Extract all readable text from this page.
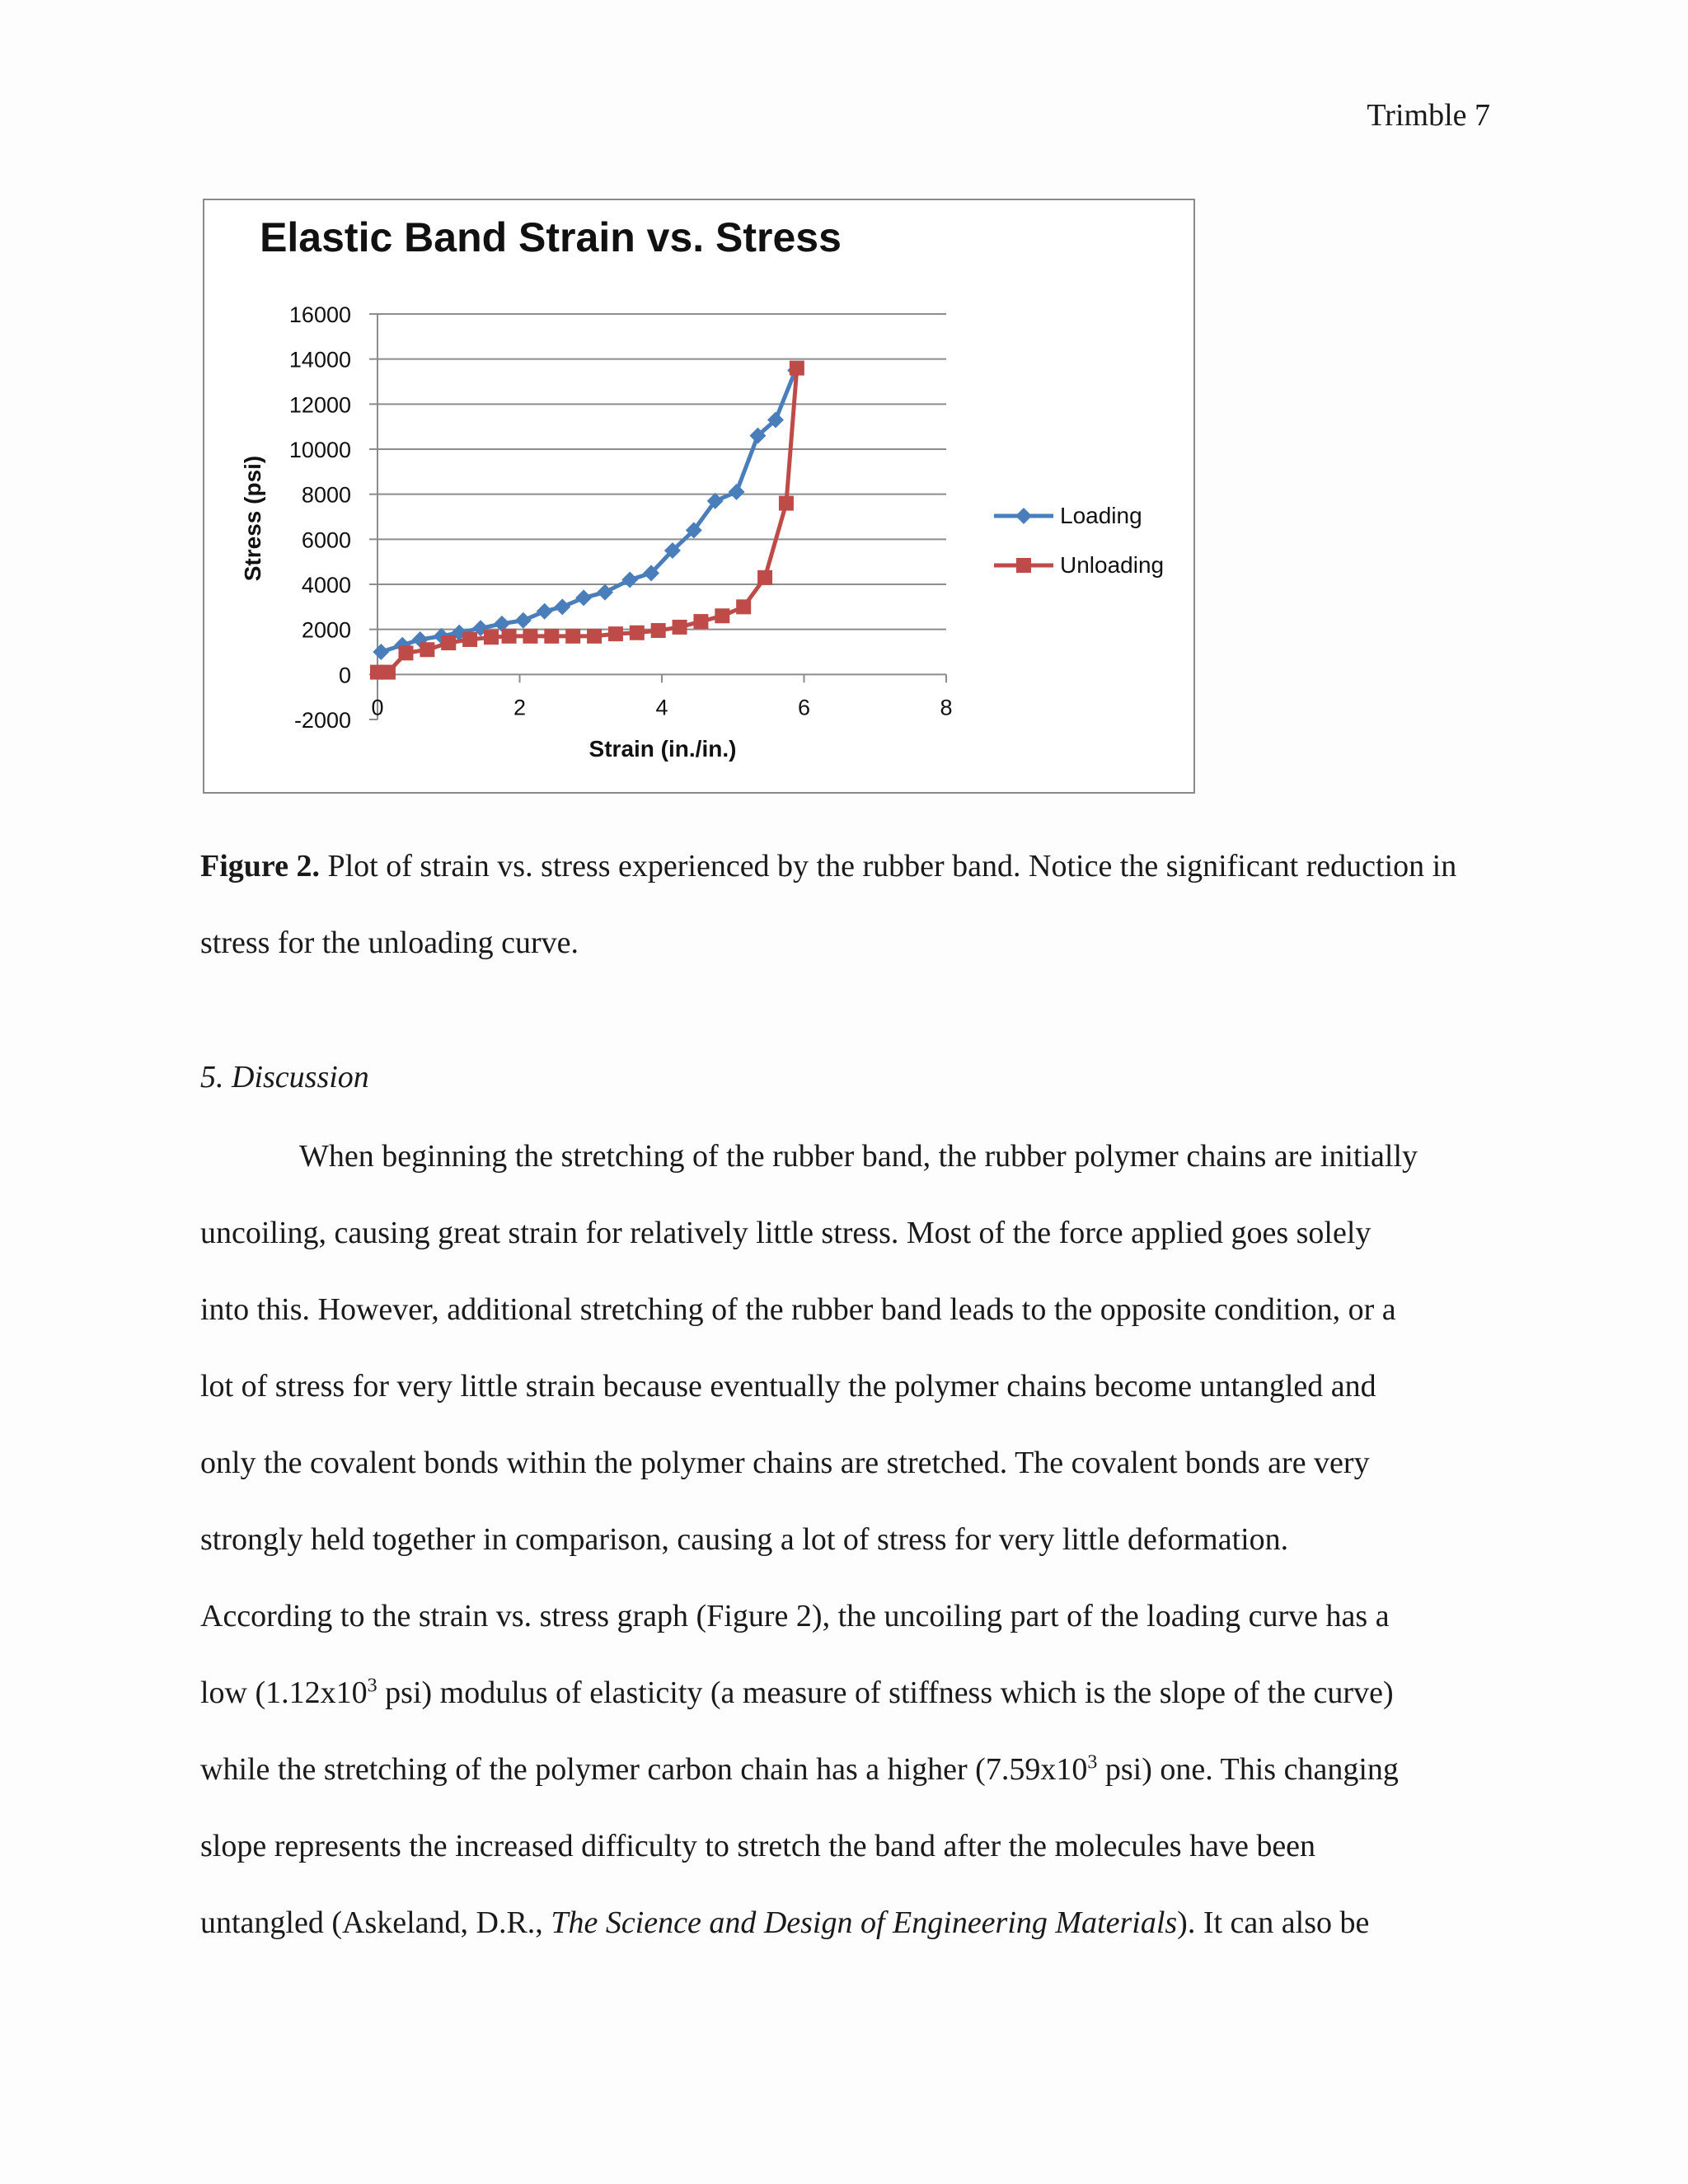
Trimble 7
Elastic Band Strain vs. Stress
Strain (in./in.)
Stress (psi)
-2000
0
2000
4000
6000
8000
10000
12000
14000
16000
0	2	4	6	8
Loading
Unloading
Figure 2. Plot of strain vs. stress experienced by the rubber band. Notice the significant reduction in stress for the unloading curve.
5. Discussion
When beginning the stretching of the rubber band, the rubber polymer chains are initially
uncoiling, causing great strain for relatively little stress. Most of the force applied goes solely
into this. However, additional stretching of the rubber band leads to the opposite condition, or a
lot of stress for very little strain because eventually the polymer chains become untangled and
only the covalent bonds within the polymer chains are stretched. The covalent bonds are very
strongly held together in comparison, causing a lot of stress for very little deformation.
According to the strain vs. stress graph (Figure 2), the uncoiling part of the loading curve has a
low ($1.12x10^3$ psi) modulus of elasticity (a measure of stiffness which is the slope of the curve)
while the stretching of the polymer carbon chain has a higher ($7.59x10^3$ psi) one. This changing
slope represents the increased difficulty to stretch the band after the molecules have been
untangled (Askeland, D.R., The Science and Design of Engineering Materials). It can also be
